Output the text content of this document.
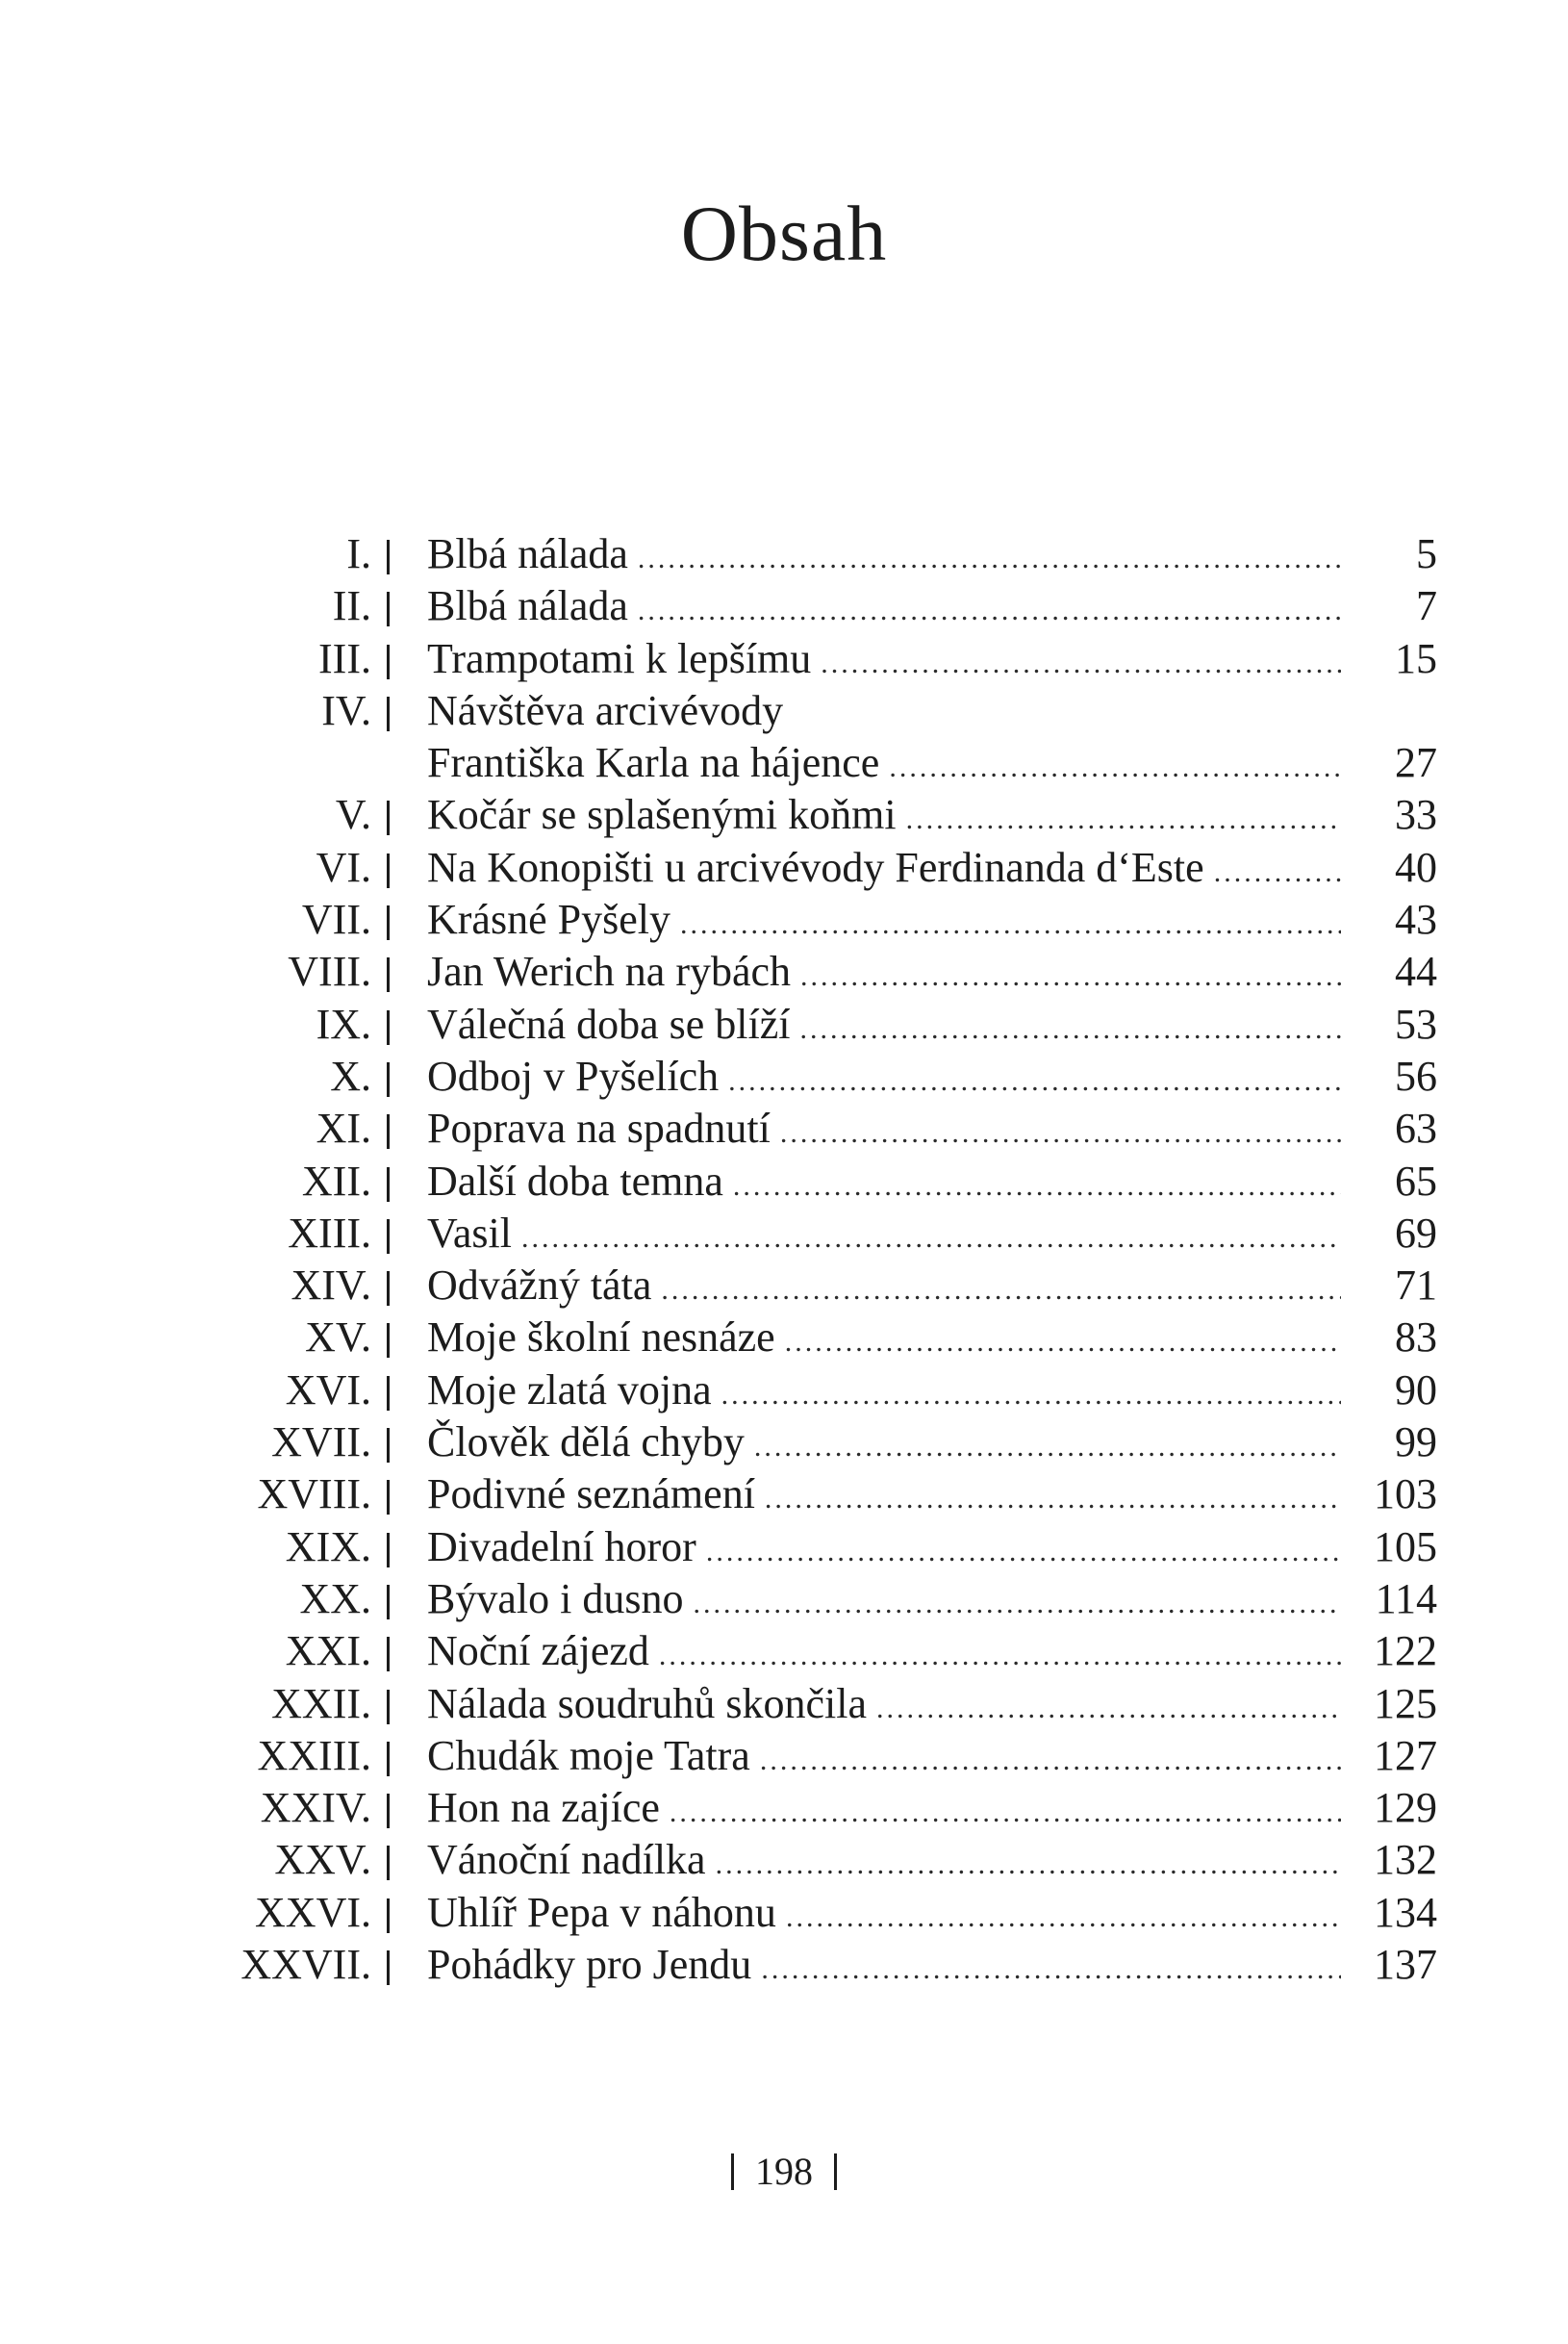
Obsah
I. Blbá nálada .....	5
II. Blbá nálada .....	7
III. Trampotami k lepšímu .....	15
IV. Návštěva arcivévody
Františka Karla na hájence .....	27
V. Kočár se splašenými koňmi .....	33
VI. Na Konopišti u arcivévody Ferdinanda d‘Este .....	40
VII. Krásné Pyšely .....	43
VIII. Jan Werich na rybách .....	44
IX. Válečná doba se blíží .....	53
X. Odboj v Pyšelích .....	56
XI. Poprava na spadnutí .....	63
XII. Další doba temna .....	65
XIII. Vasil .....	69
XIV. Odvážný táta .....	71
XV. Moje školní nesnáze .....	83
XVI. Moje zlatá vojna .....	90
XVII. Člověk dělá chyby .....	99
XVIII. Podivné seznámení .....	103
XIX. Divadelní horor .....	105
XX. Bývalo i dusno .....	114
XXI. Noční zájezd .....	122
XXII. Nálada soudruhů skončila .....	125
XXIII. Chudák moje Tatra .....	127
XXIV. Hon na zajíce .....	129
XXV. Vánoční nadílka .....	132
XXVI. Uhlíř Pepa v náhonu .....	134
XXVII. Pohádky pro Jendu .....	137
198
